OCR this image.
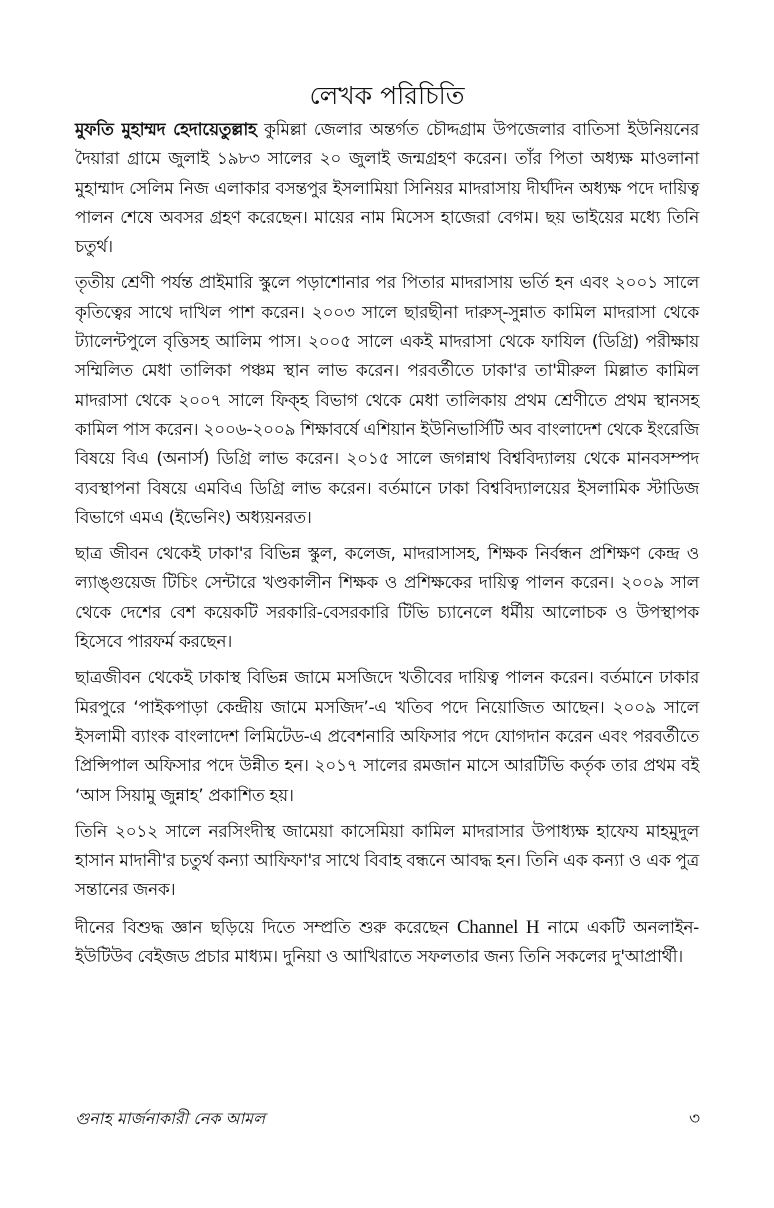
লেখক পরিচিতি

মুফতি মুহাম্মদ হেদায়েতুল্লাহ কুমিল্লা জেলার অন্তর্গত চৌদ্দগ্রাম উপজেলার বাতিসা ইউনিয়নের দৈয়ারা গ্রামে জুলাই ১৯৮৩ সালের ২০ জুলাই জন্মগ্রহণ করেন। তাঁর পিতা অধ্যক্ষ মাওলানা মুহাম্মাদ সেলিম নিজ এলাকার বসন্তপুর ইসলামিয়া সিনিয়র মাদরাসায় দীর্ঘদিন অধ্যক্ষ পদে দায়িত্ব পালন শেষে অবসর গ্রহণ করেছেন। মায়ের নাম মিসেস হাজেরা বেগম। ছয় ভাইয়ের মধ্যে তিনি চতুর্থ।

তৃতীয় শ্রেণী পর্যন্ত প্রাইমারি স্কুলে পড়াশোনার পর পিতার মাদরাসায় ভর্তি হন এবং ২০০১ সালে কৃতিত্বের সাথে দাখিল পাশ করেন। ২০০৩ সালে ছারছীনা দারুস্-সুন্নাত কামিল মাদরাসা থেকে ট্যালেন্টপুলে বৃত্তিসহ আলিম পাস। ২০০৫ সালে একই মাদরাসা থেকে ফাযিল (ডিগ্রি) পরীক্ষায় সম্মিলিত মেধা তালিকা পঞ্চম স্থান লাভ করেন। পরবর্তীতে ঢাকা'র তা'মীরুল মিল্লাত কামিল মাদরাসা থেকে ২০০৭ সালে ফিক্হ বিভাগ থেকে মেধা তালিকায় প্রথম শ্রেণীতে প্রথম স্থানসহ কামিল পাস করেন। ২০০৬-২০০৯ শিক্ষাবর্ষে এশিয়ান ইউনিভার্সিটি অব বাংলাদেশ থেকে ইংরেজি বিষয়ে বিএ (অনার্স) ডিগ্রি লাভ করেন। ২০১৫ সালে জগন্নাথ বিশ্ববিদ্যালয় থেকে মানবসম্পদ ব্যবস্থাপনা বিষয়ে এমবিএ ডিগ্রি লাভ করেন। বর্তমানে ঢাকা বিশ্ববিদ্যালয়ের ইসলামিক স্টাডিজ বিভাগে এমএ (ইভেনিং) অধ্যয়নরত।

ছাত্র জীবন থেকেই ঢাকা'র বিভিন্ন স্কুল, কলেজ, মাদরাসাসহ, শিক্ষক নির্বন্ধন প্রশিক্ষণ কেন্দ্র ও ল্যাঙ্গুয়েজ টিচিং সেন্টারে খণ্ডকালীন শিক্ষক ও প্রশিক্ষকের দায়িত্ব পালন করেন। ২০০৯ সাল থেকে দেশের বেশ কয়েকটি সরকারি-বেসরকারি টিভি চ্যানেলে ধর্মীয় আলোচক ও উপস্থাপক হিসেবে পারফর্ম করছেন।

ছাত্রজীবন থেকেই ঢাকাস্থ বিভিন্ন জামে মসজিদে খতীবের দায়িত্ব পালন করেন। বর্তমানে ঢাকার মিরপুরে ‘পাইকপাড়া কেন্দ্রীয় জামে মসজিদ’-এ খতিব পদে নিয়োজিত আছেন। ২০০৯ সালে ইসলামী ব্যাংক বাংলাদেশ লিমিটেড-এ প্রবেশনারি অফিসার পদে যোগদান করেন এবং পরবর্তীতে প্রিন্সিপাল অফিসার পদে উন্নীত হন। ২০১৭ সালের রমজান মাসে আরটিভি কর্তৃক তার প্রথম বই ‘আস সিয়ামু জুন্নাহ’ প্রকাশিত হয়।

তিনি ২০১২ সালে নরসিংদীস্থ জামেয়া কাসেমিয়া কামিল মাদরাসার উপাধ্যক্ষ হাফেয মাহমুদুল হাসান মাদানী'র চতুর্থ কন্যা আফিফা'র সাথে বিবাহ বন্ধনে আবদ্ধ হন। তিনি এক কন্যা ও এক পুত্র সন্তানের জনক।

দীনের বিশুদ্ধ জ্ঞান ছড়িয়ে দিতে সম্প্রতি শুরু করেছেন Channel H নামে একটি অনলাইন-ইউটিউব বেইজড প্রচার মাধ্যম। দুনিয়া ও আখিরাতে সফলতার জন্য তিনি সকলের দু'আপ্রার্থী।

গুনাহ মার্জনাকারী নেক আমল	৩
